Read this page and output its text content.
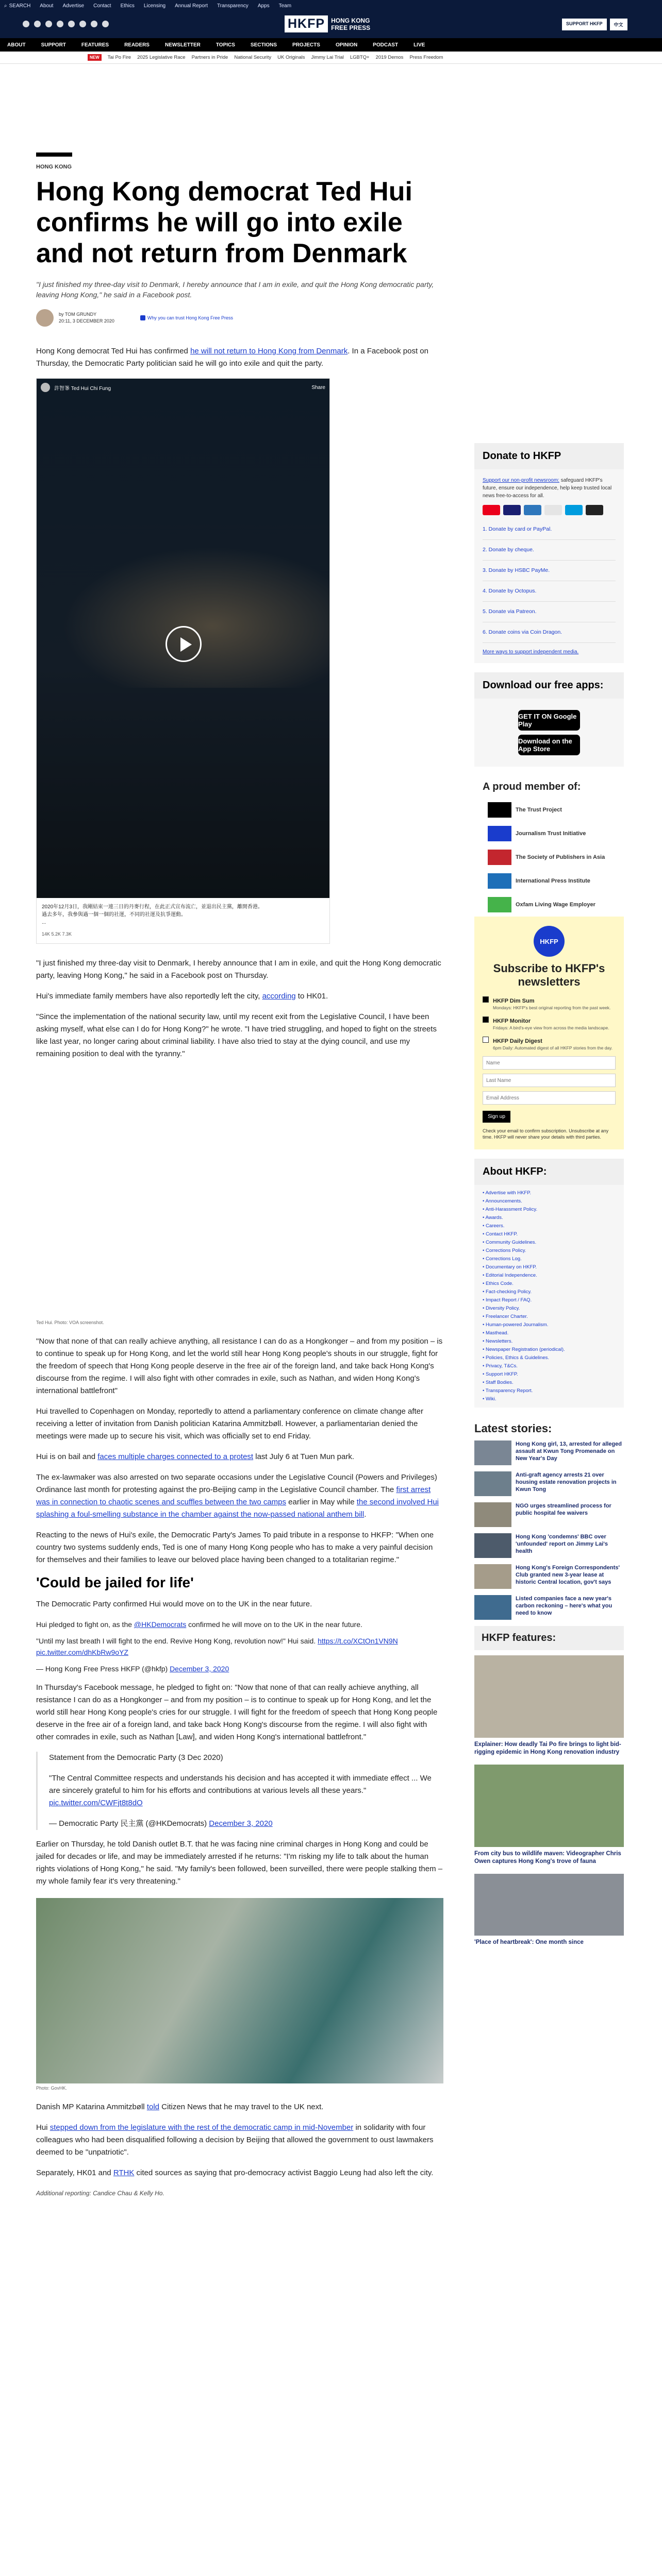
⌕ SEARCH About Advertise Contact Ethics Licensing Annual Report Transparency Apps Team
HKFP	HONG KONG
FREE PRESS
SUPPORT HKFP	中文
ABOUT	SUPPORT	FEATURES	READERS	NEWSLETTER	TOPICS	SECTIONS	PROJECTS	OPINION	PODCAST	LIVE
NEW	Tai Po Fire 2025 Legislative Race Partners in Pride National Security UK Originals Jimmy Lai Trial LGBTQ+ 2019 Demos Press Freedom
HONG KONG
Hong Kong democrat Ted Hui confirms he will go into exile and not return from Denmark
"I just finished my three-day visit to Denmark, I hereby announce that I am in exile, and quit the Hong Kong democratic party, leaving Hong Kong," he said in a Facebook post.
by TOM GRUNDY
20:11, 3 DECEMBER 2020
Why you can trust Hong Kong Free Press

Hong Kong democrat Ted Hui has confirmed he will not return to Hong Kong from Denmark. In a Facebook post on Thursday, the Democratic Party politician said he will go into exile and quit the party.

許智峯 Ted Hui Chi Fung	Share
2020年12月3日，我剛結束一連三日的丹麥行程，在此正式宣布流亡，並退出民主黨，離開香港。
過去多年，我參與過一個一個的社運，不同的社運及抗爭運動。
...
14K 5.2K 7.3K

"I just finished my three-day visit to Denmark, I hereby announce that I am in exile, and quit the Hong Kong democratic party, leaving Hong Kong," he said in a Facebook post on Thursday.

Hui's immediate family members have also reportedly left the city, according to HK01.

"Since the implementation of the national security law, until my recent exit from the Legislative Council, I have been asking myself, what else can I do for Hong Kong?" he wrote. "I have tried struggling, and hoped to fight on the streets like last year, no longer caring about criminal liability. I have also tried to stay at the dying council, and use my remaining position to deal with the tyranny."

Ted Hui. Photo: VOA screenshot.

"Now that none of that can really achieve anything, all resistance I can do as a Hongkonger – and from my position – is to continue to speak up for Hong Kong, and let the world still hear Hong Kong people's shouts in our struggle, fight for the freedom of speech that Hong Kong people deserve in the free air of the foreign land, and take back Hong Kong's discourse from the regime. I will also fight with other comrades in exile, such as Nathan, and widen Hong Kong's international battlefront"

Hui travelled to Copenhagen on Monday, reportedly to attend a parliamentary conference on climate change after receiving a letter of invitation from Danish politician Katarina Ammitzbøll. However, a parliamentarian denied the meetings were made up to secure his visit, which was officially set to end Friday.

Hui is on bail and faces multiple charges connected to a protest last July 6 at Tuen Mun park.

The ex-lawmaker was also arrested on two separate occasions under the Legislative Council (Powers and Privileges) Ordinance last month for protesting against the pro-Beijing camp in the Legislative Council chamber. The first arrest was in connection to chaotic scenes and scuffles between the two camps earlier in May while the second involved Hui splashing a foul-smelling substance in the chamber against the now-passed national anthem bill.

Reacting to the news of Hui's exile, the Democratic Party's James To paid tribute in a response to HKFP: "When one country two systems suddenly ends, Ted is one of many Hong Kong people who has to make a very painful decision for themselves and their families to leave our beloved place having been changed to a totalitarian regime."

'Could be jailed for life'

The Democratic Party confirmed Hui would move on to the UK in the near future.

Hui pledged to fight on, as the @HKDemocrats confirmed he will move on to the UK in the near future.

"Until my last breath I will fight to the end. Revive Hong Kong, revolution now!" Hui said. https://t.co/XCtOn1VN9N pic.twitter.com/dhKbRw9oYZ

— Hong Kong Free Press HKFP (@hkfp) December 3, 2020

In Thursday's Facebook message, he pledged to fight on: "Now that none of that can really achieve anything, all resistance I can do as a Hongkonger – and from my position – is to continue to speak up for Hong Kong, and let the world still hear Hong Kong people's cries for our struggle. I will fight for the freedom of speech that Hong Kong people deserve in the free air of a foreign land, and take back Hong Kong's discourse from the regime. I will also fight with other comrades in exile, such as Nathan [Law], and widen Hong Kong's international battlefront."

Statement from the Democratic Party (3 Dec 2020)

"The Central Committee respects and understands his decision and has accepted it with immediate effect ... We are sincerely grateful to him for his efforts and contributions at various levels all these years." pic.twitter.com/CWFjt8t8dO

— Democratic Party 民主黨 (@HKDemocrats) December 3, 2020

Earlier on Thursday, he told Danish outlet B.T. that he was facing nine criminal charges in Hong Kong and could be jailed for decades or life, and may be immediately arrested if he returns: "I'm risking my life to talk about the human rights violations of Hong Kong," he said. "My family's been followed, been surveilled, there were people stalking them – my whole family fear it's very threatening."

Photo: GovHK.

Danish MP Katarina Ammitzbøll told Citizen News that he may travel to the UK next.

Hui stepped down from the legislature with the rest of the democratic camp in mid-November in solidarity with four colleagues who had been disqualified following a decision by Beijing that allowed the government to oust lawmakers deemed to be "unpatriotic".

Separately, HK01 and RTHK cited sources as saying that pro-democracy activist Baggio Leung had also left the city.

Additional reporting: Candice Chau & Kelly Ho.
Donate to HKFP
Support our non-profit newsroom: safeguard HKFP's future, ensure our independence, help keep trusted local news free-to-access for all.
1. Donate by card or PayPal.
2. Donate by cheque.
3. Donate by HSBC PayMe.
4. Donate by Octopus.
5. Donate via Patreon.
6. Donate coins via Coin Dragon.
More ways to support independent media.
Download our free apps:
GET IT ON Google Play
Download on the App Store
A proud member of:
The Trust Project
Journalism Trust Initiative
The Society of Publishers in Asia
International Press Institute
Oxfam Living Wage Employer
HKFP
Subscribe to HKFP's newsletters
HKFP Dim Sum
Mondays: HKFP's best original reporting from the past week.
HKFP Monitor
Fridays: A bird's-eye view from across the media landscape.
HKFP Daily Digest
6pm Daily: Automated digest of all HKFP stories from the day.
Name Last Name Email Address Sign up
Check your email to confirm subscription. Unsubscribe at any time. HKFP will never share your details with third parties.
About HKFP:
• Advertise with HKFP.
• Announcements.
• Anti-Harassment Policy.
• Awards.
• Careers.
• Contact HKFP.
• Community Guidelines.
• Corrections Policy.
• Corrections Log.
• Documentary on HKFP.
• Editorial Independence.
• Ethics Code.
• Fact-checking Policy.
• Impact Report / FAQ.
• Diversity Policy.
• Freelancer Charter.
• Human-powered Journalism.
• Masthead.
• Newsletters.
• Newspaper Registration (periodical).
• Policies, Ethics & Guidelines.
• Privacy, T&Cs.
• Support HKFP.
• Staff Bodies.
• Transparency Report.
• Wiki.
Latest stories:
Hong Kong girl, 13, arrested for alleged assault at Kwun Tong Promenade on New Year's Day
Anti-graft agency arrests 21 over housing estate renovation projects in Kwun Tong
NGO urges streamlined process for public hospital fee waivers
Hong Kong 'condemns' BBC over 'unfounded' report on Jimmy Lai's health
Hong Kong's Foreign Correspondents' Club granted new 3-year lease at historic Central location, gov't says
Listed companies face a new year's carbon reckoning – here's what you need to know
HKFP features:
Explainer: How deadly Tai Po fire brings to light bid-rigging epidemic in Hong Kong renovation industry
From city bus to wildlife maven: Videographer Chris Owen captures Hong Kong's trove of fauna
'Place of heartbreak': One month since
